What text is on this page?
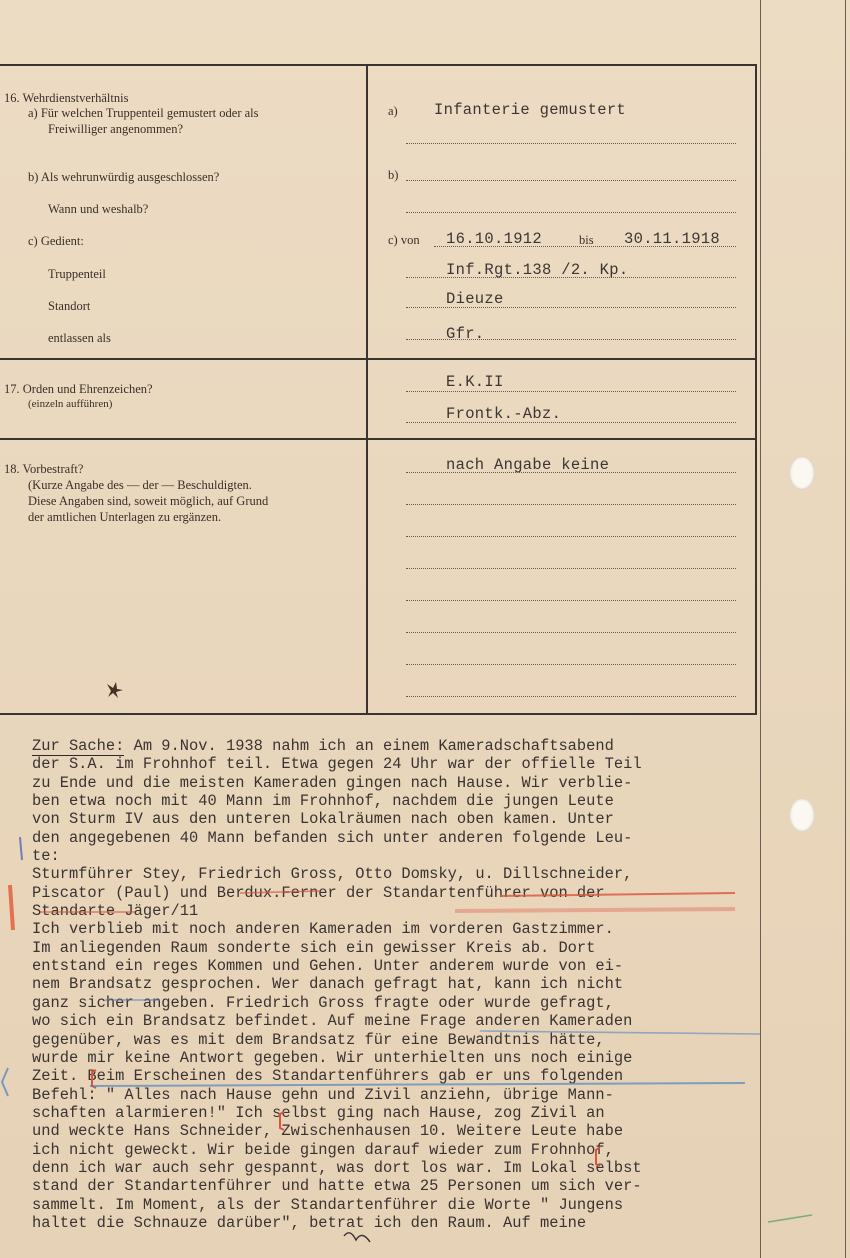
16. Wehrdienstverhältnis
a) Für welchen Truppenteil gemustert oder als
Freiwilliger angenommen?
b) Als wehrunwürdig ausgeschlossen?
Wann und weshalb?
c) Gedient:
Truppenteil
Standort
entlassen als
a) Infanterie gemustert
b)
c) von 16.10.1912	bis 30.11.1918
Inf.Rgt.138 /2. Kp.
Dieuze
Gfr.
17. Orden und Ehrenzeichen?
(einzeln aufführen)
E.K.II
Frontk.-Abz.
18. Vorbestraft?
(Kurze Angabe des — der — Beschuldigten.
Diese Angaben sind, soweit möglich, auf Grund
der amtlichen Unterlagen zu ergänzen.
nach Angabe keine
Zur Sache: Am 9.Nov. 1938 nahm ich an einem Kameradschaftsabend
der S.A. im Frohnhof teil. Etwa gegen 24 Uhr war der offielle Teil
zu Ende und die meisten Kameraden gingen nach Hause. Wir verblie-
ben etwa noch mit 40 Mann im Frohnhof, nachdem die jungen Leute
von Sturm IV aus den unteren Lokalräumen nach oben kamen. Unter
den angegebenen 40 Mann befanden sich unter anderen folgende Leu-
te:
Sturmführer Stey, Friedrich Gross, Otto Domsky, u. Dillschneider,
Piscator (Paul) und Berdux.Ferner der Standartenführer von der
Standarte Jäger/11
Ich verblieb mit noch anderen Kameraden im vorderen Gastzimmer.
Im anliegenden Raum sonderte sich ein gewisser Kreis ab. Dort
entstand ein reges Kommen und Gehen. Unter anderem wurde von ei-
nem Brandsatz gesprochen. Wer danach gefragt hat, kann ich nicht
ganz sicher angeben. Friedrich Gross fragte oder wurde gefragt,
wo sich ein Brandsatz befindet. Auf meine Frage anderen Kameraden
gegenüber, was es mit dem Brandsatz für eine Bewandtnis hätte,
wurde mir keine Antwort gegeben. Wir unterhielten uns noch einige
Zeit. Beim Erscheinen des Standartenführers gab er uns folgenden
Befehl: " Alles nach Hause gehn und Zivil anziehn, übrige Mann-
schaften alarmieren!" Ich selbst ging nach Hause, zog Zivil an
und weckte Hans Schneider, Zwischenhausen 10. Weitere Leute habe
ich nicht geweckt. Wir beide gingen darauf wieder zum Frohnhof,
denn ich war auch sehr gespannt, was dort los war. Im Lokal selbst
stand der Standartenführer und hatte etwa 25 Personen um sich ver-
sammelt. Im Moment, als der Standartenführer die Worte " Jungens
haltet die Schnauze darüber", betrat ich den Raum. Auf meine
